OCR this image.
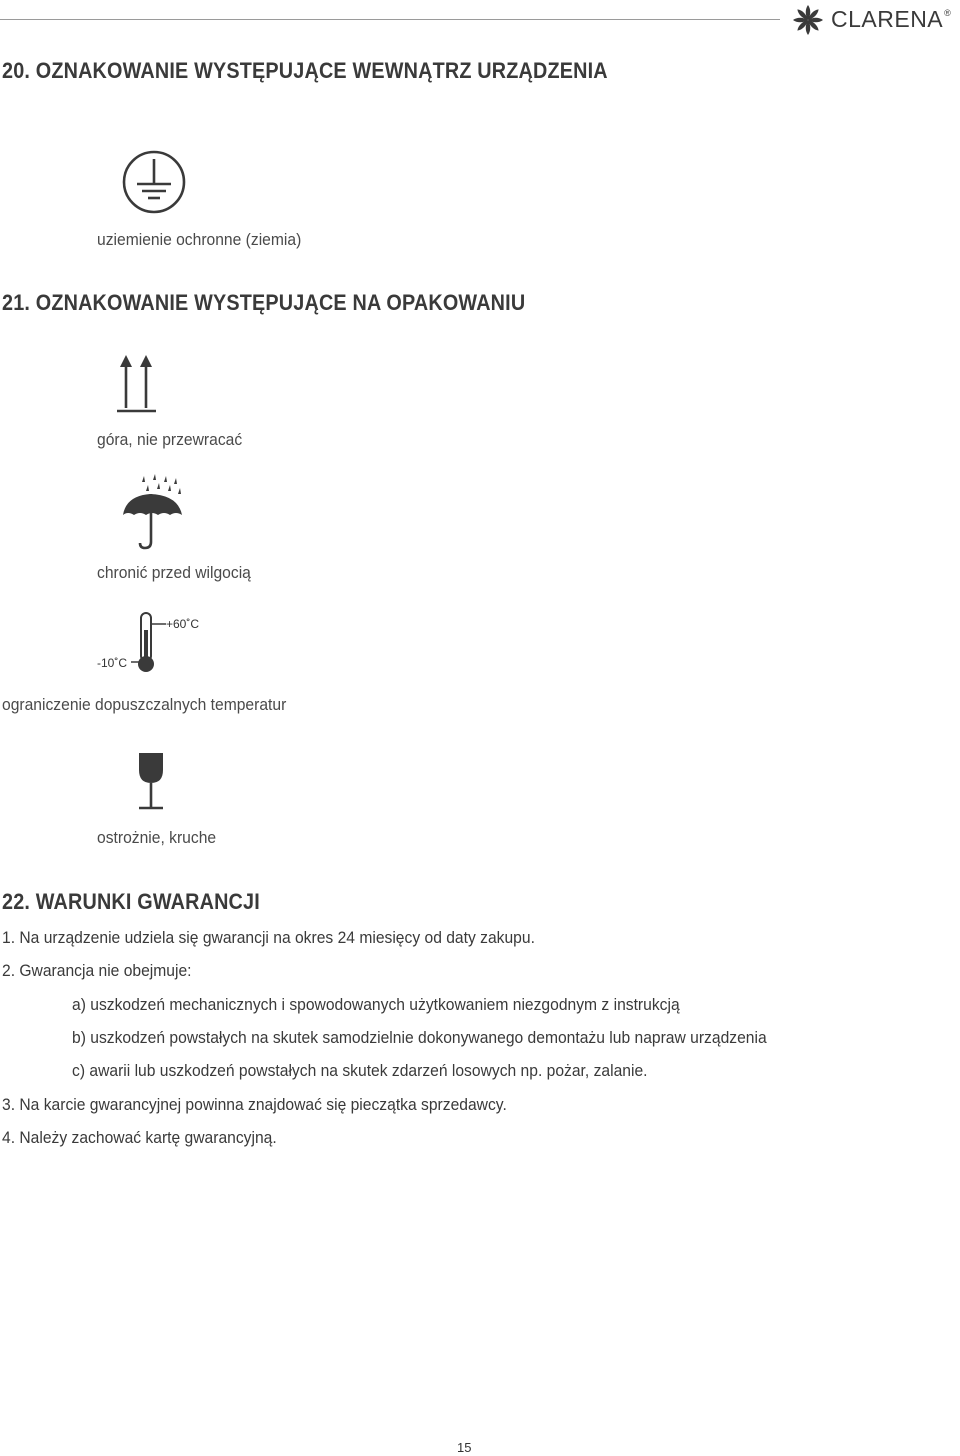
CLARENA®
20. OZNAKOWANIE WYSTĘPUJĄCE WEWNĄTRZ URZĄDZENIA
uziemienie ochronne (ziemia)
21. OZNAKOWANIE WYSTĘPUJĄCE NA OPAKOWANIU
góra, nie przewracać
chronić przed wilgocią
+60˚C
-10˚C
ograniczenie dopuszczalnych temperatur
ostrożnie, kruche
22. WARUNKI GWARANCJI
1. Na urządzenie udziela się gwarancji na okres 24 miesięcy od daty zakupu.
2. Gwarancja nie obejmuje:
a) uszkodzeń mechanicznych i spowodowanych użytkowaniem niezgodnym z instrukcją
b) uszkodzeń powstałych na skutek samodzielnie dokonywanego demontażu lub napraw urządzenia
c) awarii lub uszkodzeń powstałych na skutek zdarzeń losowych np. pożar, zalanie.
3. Na karcie gwarancyjnej powinna znajdować się pieczątka sprzedawcy.
4. Należy zachować kartę gwarancyjną.
15
